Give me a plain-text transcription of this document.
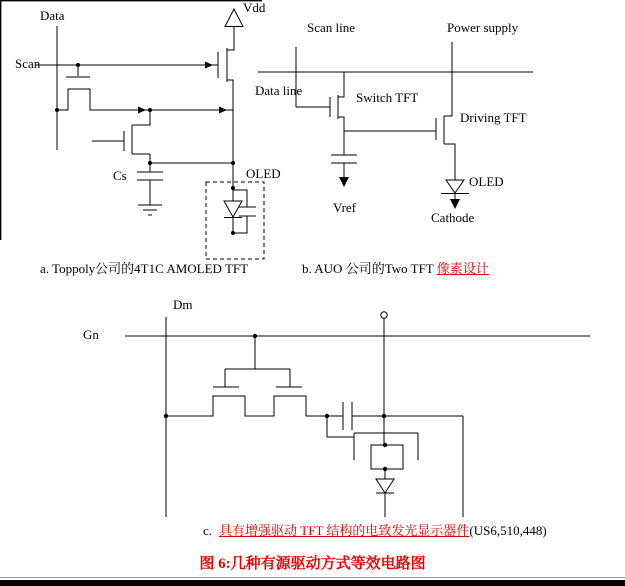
Data
Scan
Vdd
Cs	OLED
Scan line	Power supply
Data line	Switch TFT
Driving TFT
Vref
OLED
Cathode
Dm
Gn
a. Toppoly公司的4T1C AMOLED TFT	b. AUO 公司的Two TFT 像素设计
c. 具有增强驱动 TFT 结构的电致发光显示器件(US6,510,448)
图 6:几种有源驱动方式等效电路图
